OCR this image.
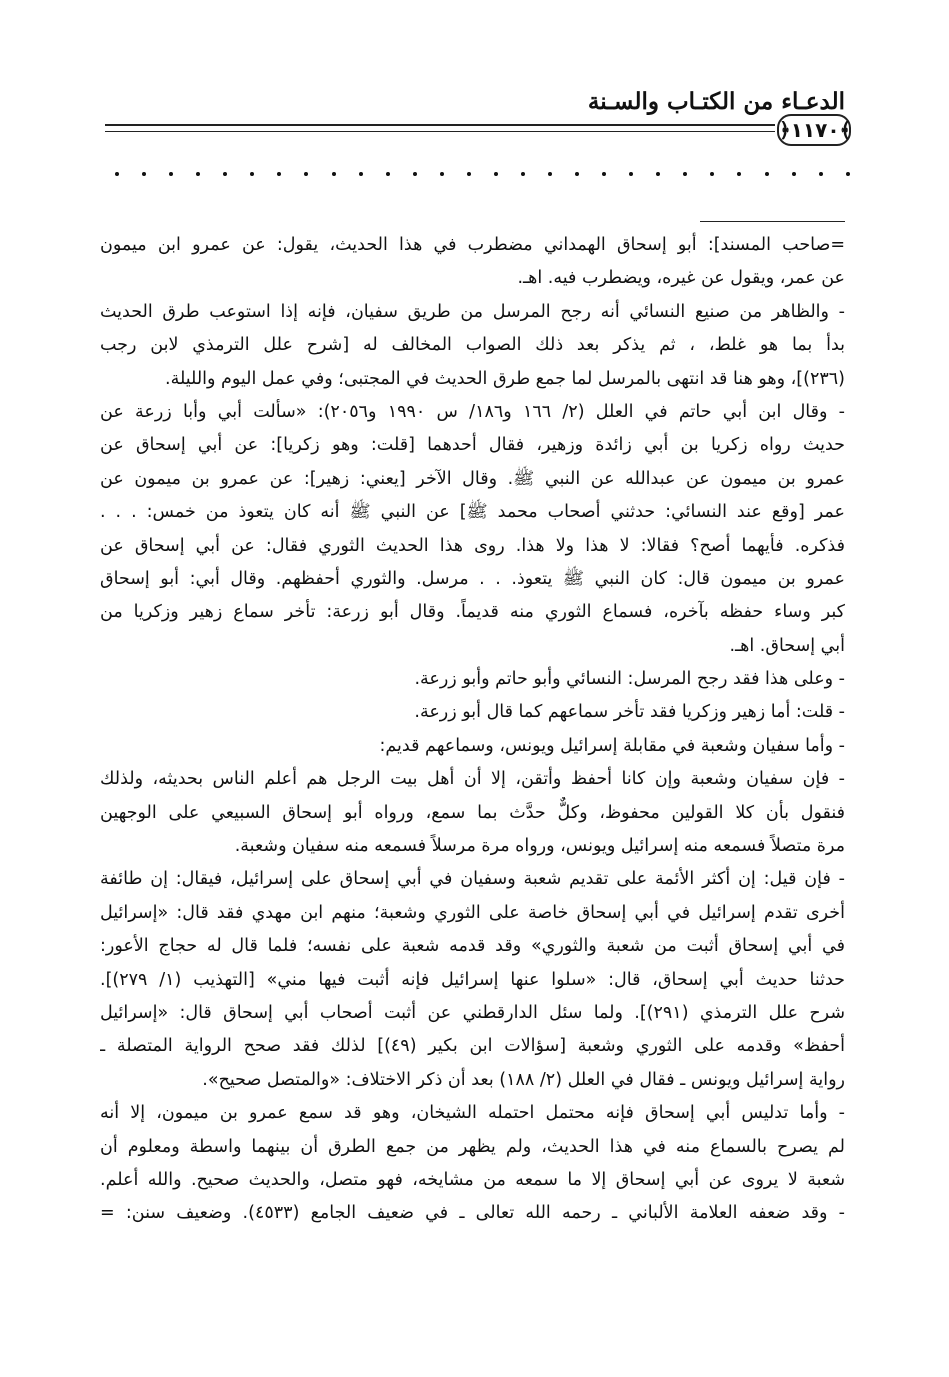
الدعـاء من الكتـاب والسـنة
﴿١١٧٠﴾
=صاحب المسند]: أبو إسحاق الهمداني مضطرب في هذا الحديث، يقول: عن عمرو ابن ميمون
عن عمر، ويقول عن غيره، ويضطرب فيه. اهـ.
- والظاهر من صنيع النسائي أنه رجح المرسل من طريق سفيان، فإنه إذا استوعب طرق الحديث
بدأ بما هو غلط، ، ثم يذكر بعد ذلك الصواب المخالف له [شرح علل الترمذي لابن رجب
(٢٣٦)]، وهو هنا قد انتهى بالمرسل لما جمع طرق الحديث في المجتبى؛ وفي عمل اليوم والليلة.
- وقال ابن أبي حاتم في العلل (٢/ ١٦٦ و١٨٦/ س ١٩٩٠ و٢٠٥٦): «سألت أبي وأبا زرعة عن
حديث رواه زكريا بن أبي زائدة وزهير، فقال أحدهما [قلت: وهو زكريا]: عن أبي إسحاق عن
عمرو بن ميمون عن عبدالله عن النبي ﷺ. وقال الآخر [يعني: زهير]: عن عمرو بن ميمون عن
عمر [وقع عند النسائي: حدثني أصحاب محمد ﷺ] عن النبي ﷺ أنه كان يتعوذ من خمس: . . .
فذكره. فأيهما أصح؟ فقالا: لا هذا ولا هذا. روى هذا الحديث الثوري فقال: عن أبي إسحاق عن
عمرو بن ميمون قال: كان النبي ﷺ يتعوذ. . . مرسل. والثوري أحفظهم. وقال أبي: أبو إسحاق
كبر وساء حفظه بآخره، فسماع الثوري منه قديماً. وقال أبو زرعة: تأخر سماع زهير وزكريا من
أبي إسحاق. اهـ.
- وعلى هذا فقد رجح المرسل: النسائي وأبو حاتم وأبو زرعة.
- قلت: أما زهير وزكريا فقد تأخر سماعهم كما قال أبو زرعة.
- وأما سفيان وشعبة في مقابلة إسرائيل ويونس، وسماعهم قديم:
- فإن سفيان وشعبة وإن كانا أحفظ وأتقن، إلا أن أهل بيت الرجل هم أعلم الناس بحديثه، ولذلك
فنقول بأن كلا القولين محفوظ، وكلٌّ حدَّث بما سمع، ورواه أبو إسحاق السبيعي على الوجهين
مرة متصلاً فسمعه منه إسرائيل ويونس، ورواه مرة مرسلاً فسمعه منه سفيان وشعبة.
- فإن قيل: إن أكثر الأئمة على تقديم شعبة وسفيان في أبي إسحاق على إسرائيل، فيقال: إن طائفة
أخرى تقدم إسرائيل في أبي إسحاق خاصة على الثوري وشعبة؛ منهم ابن مهدي فقد قال: «إسرائيل
في أبي إسحاق أثبت من شعبة والثوري» وقد قدمه شعبة على نفسه؛ فلما قال له حجاج الأعور:
حدثنا حديث أبي إسحاق، قال: «سلوا عنها إسرائيل فإنه أثبت فيها مني» [التهذيب (١/ ٢٧٩)].
شرح علل الترمذي (٢٩١)]. ولما سئل الدارقطني عن أثبت أصحاب أبي إسحاق قال: «إسرائيل
أحفظ» وقدمه على الثوري وشعبة [سؤالات ابن بكير (٤٩)] لذلك فقد صحح الرواية المتصلة ـ
رواية إسرائيل ويونس ـ فقال في العلل (٢/ ١٨٨) بعد أن ذكر الاختلاف: «والمتصل صحيح».
- وأما تدليس أبي إسحاق فإنه محتمل احتمله الشيخان، وهو قد سمع عمرو بن ميمون، إلا أنه
لم يصرح بالسماع منه في هذا الحديث، ولم يظهر من جمع الطرق أن بينهما واسطة ومعلوم أن
شعبة لا يروى عن أبي إسحاق إلا ما سمعه من مشايخه، فهو متصل، والحديث صحيح. والله أعلم.
- وقد ضعفه العلامة الألباني ـ رحمه الله تعالى ـ في ضعيف الجامع (٤٥٣٣). وضعيف سنن: =
